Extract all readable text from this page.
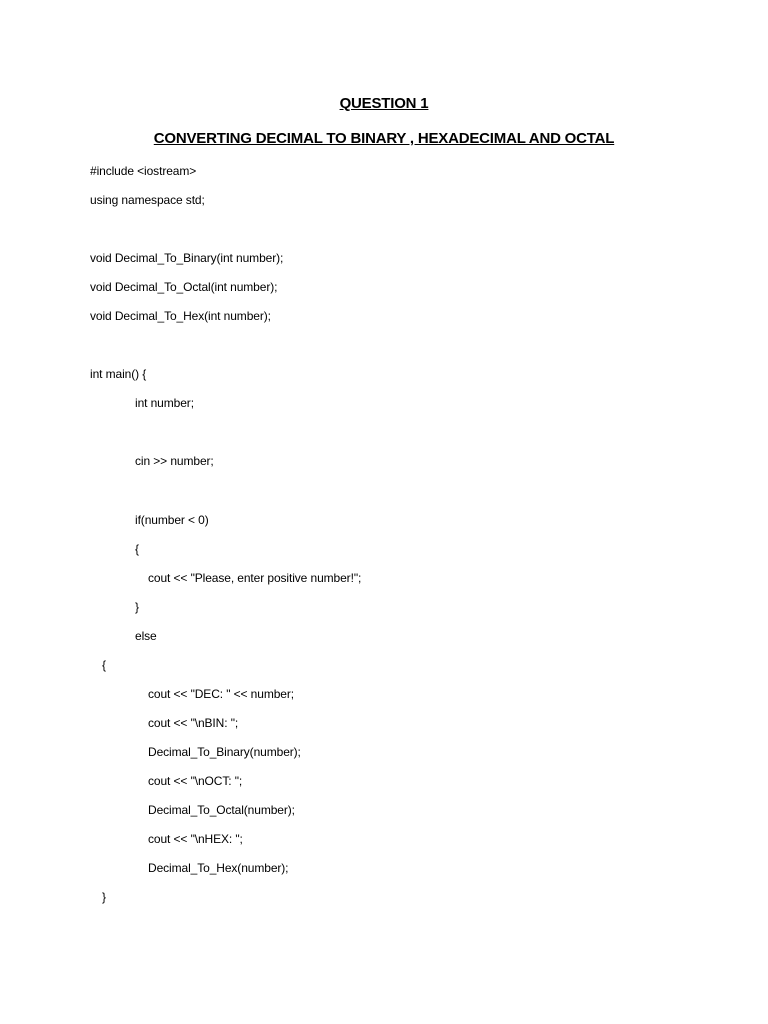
QUESTION 1
CONVERTING DECIMAL TO BINARY , HEXADECIMAL AND OCTAL
#include <iostream>
using namespace std;
void Decimal_To_Binary(int number);
void Decimal_To_Octal(int number);
void Decimal_To_Hex(int number);
int main() {
int number;
cin >> number;
if(number < 0)
{
cout << "Please, enter positive number!";
}
else
{
cout << "DEC: " << number;
cout << "\nBIN: ";
Decimal_To_Binary(number);
cout << "\nOCT: ";
Decimal_To_Octal(number);
cout << "\nHEX: ";
Decimal_To_Hex(number);
}
